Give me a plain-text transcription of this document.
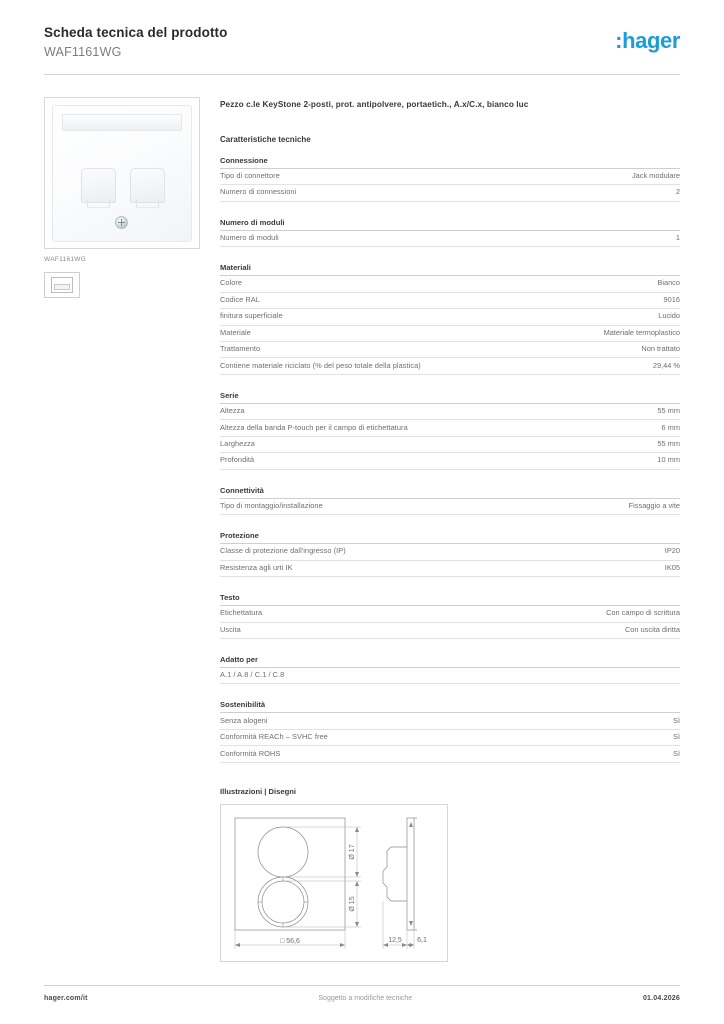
Scheda tecnica del prodotto
WAF1161WG	:hager
WAF1161WG
Pezzo c.le KeyStone 2-posti, prot. antipolvere, portaetich., A.x/C.x, bianco luc
Caratteristiche tecniche
Connessione
Tipo di connettore	Jack modulare
Numero di connessioni	2
Numero di moduli
Numero di moduli	1
Materiali
Colore	Bianco
Codice RAL	9016
finitura superficiale	Lucido
Materiale	Materiale termoplastico
Trattamento	Non trattato
Contiene materiale riciclato (% del peso totale della plastica)	29,44 %
Serie
Altezza	55 mm
Altezza della banda P-touch per il campo di etichettatura	6 mm
Larghezza	55 mm
Profondità	10 mm
Connettività
Tipo di montaggio/installazione	Fissaggio a vite
Protezione
Classe di protezione dall'ingresso (IP)	IP20
Resistenza agli urti IK	IK05
Testo
Etichettatura	Con campo di scrittura
Uscita	Con uscita diritta
Adatto per
A.1 / A.8 / C.1 / C.8
Sostenibilità
Senza alogeni	Sì
Conformità REACh – SVHC free	Sì
Conformità ROHS	Sì
Illustrazioni | Disegni
Ø 17
Ø 15
□ 56,6	12,5 6,1
hager.com/it	Soggetto a modifiche tecniche	01.04.2026
